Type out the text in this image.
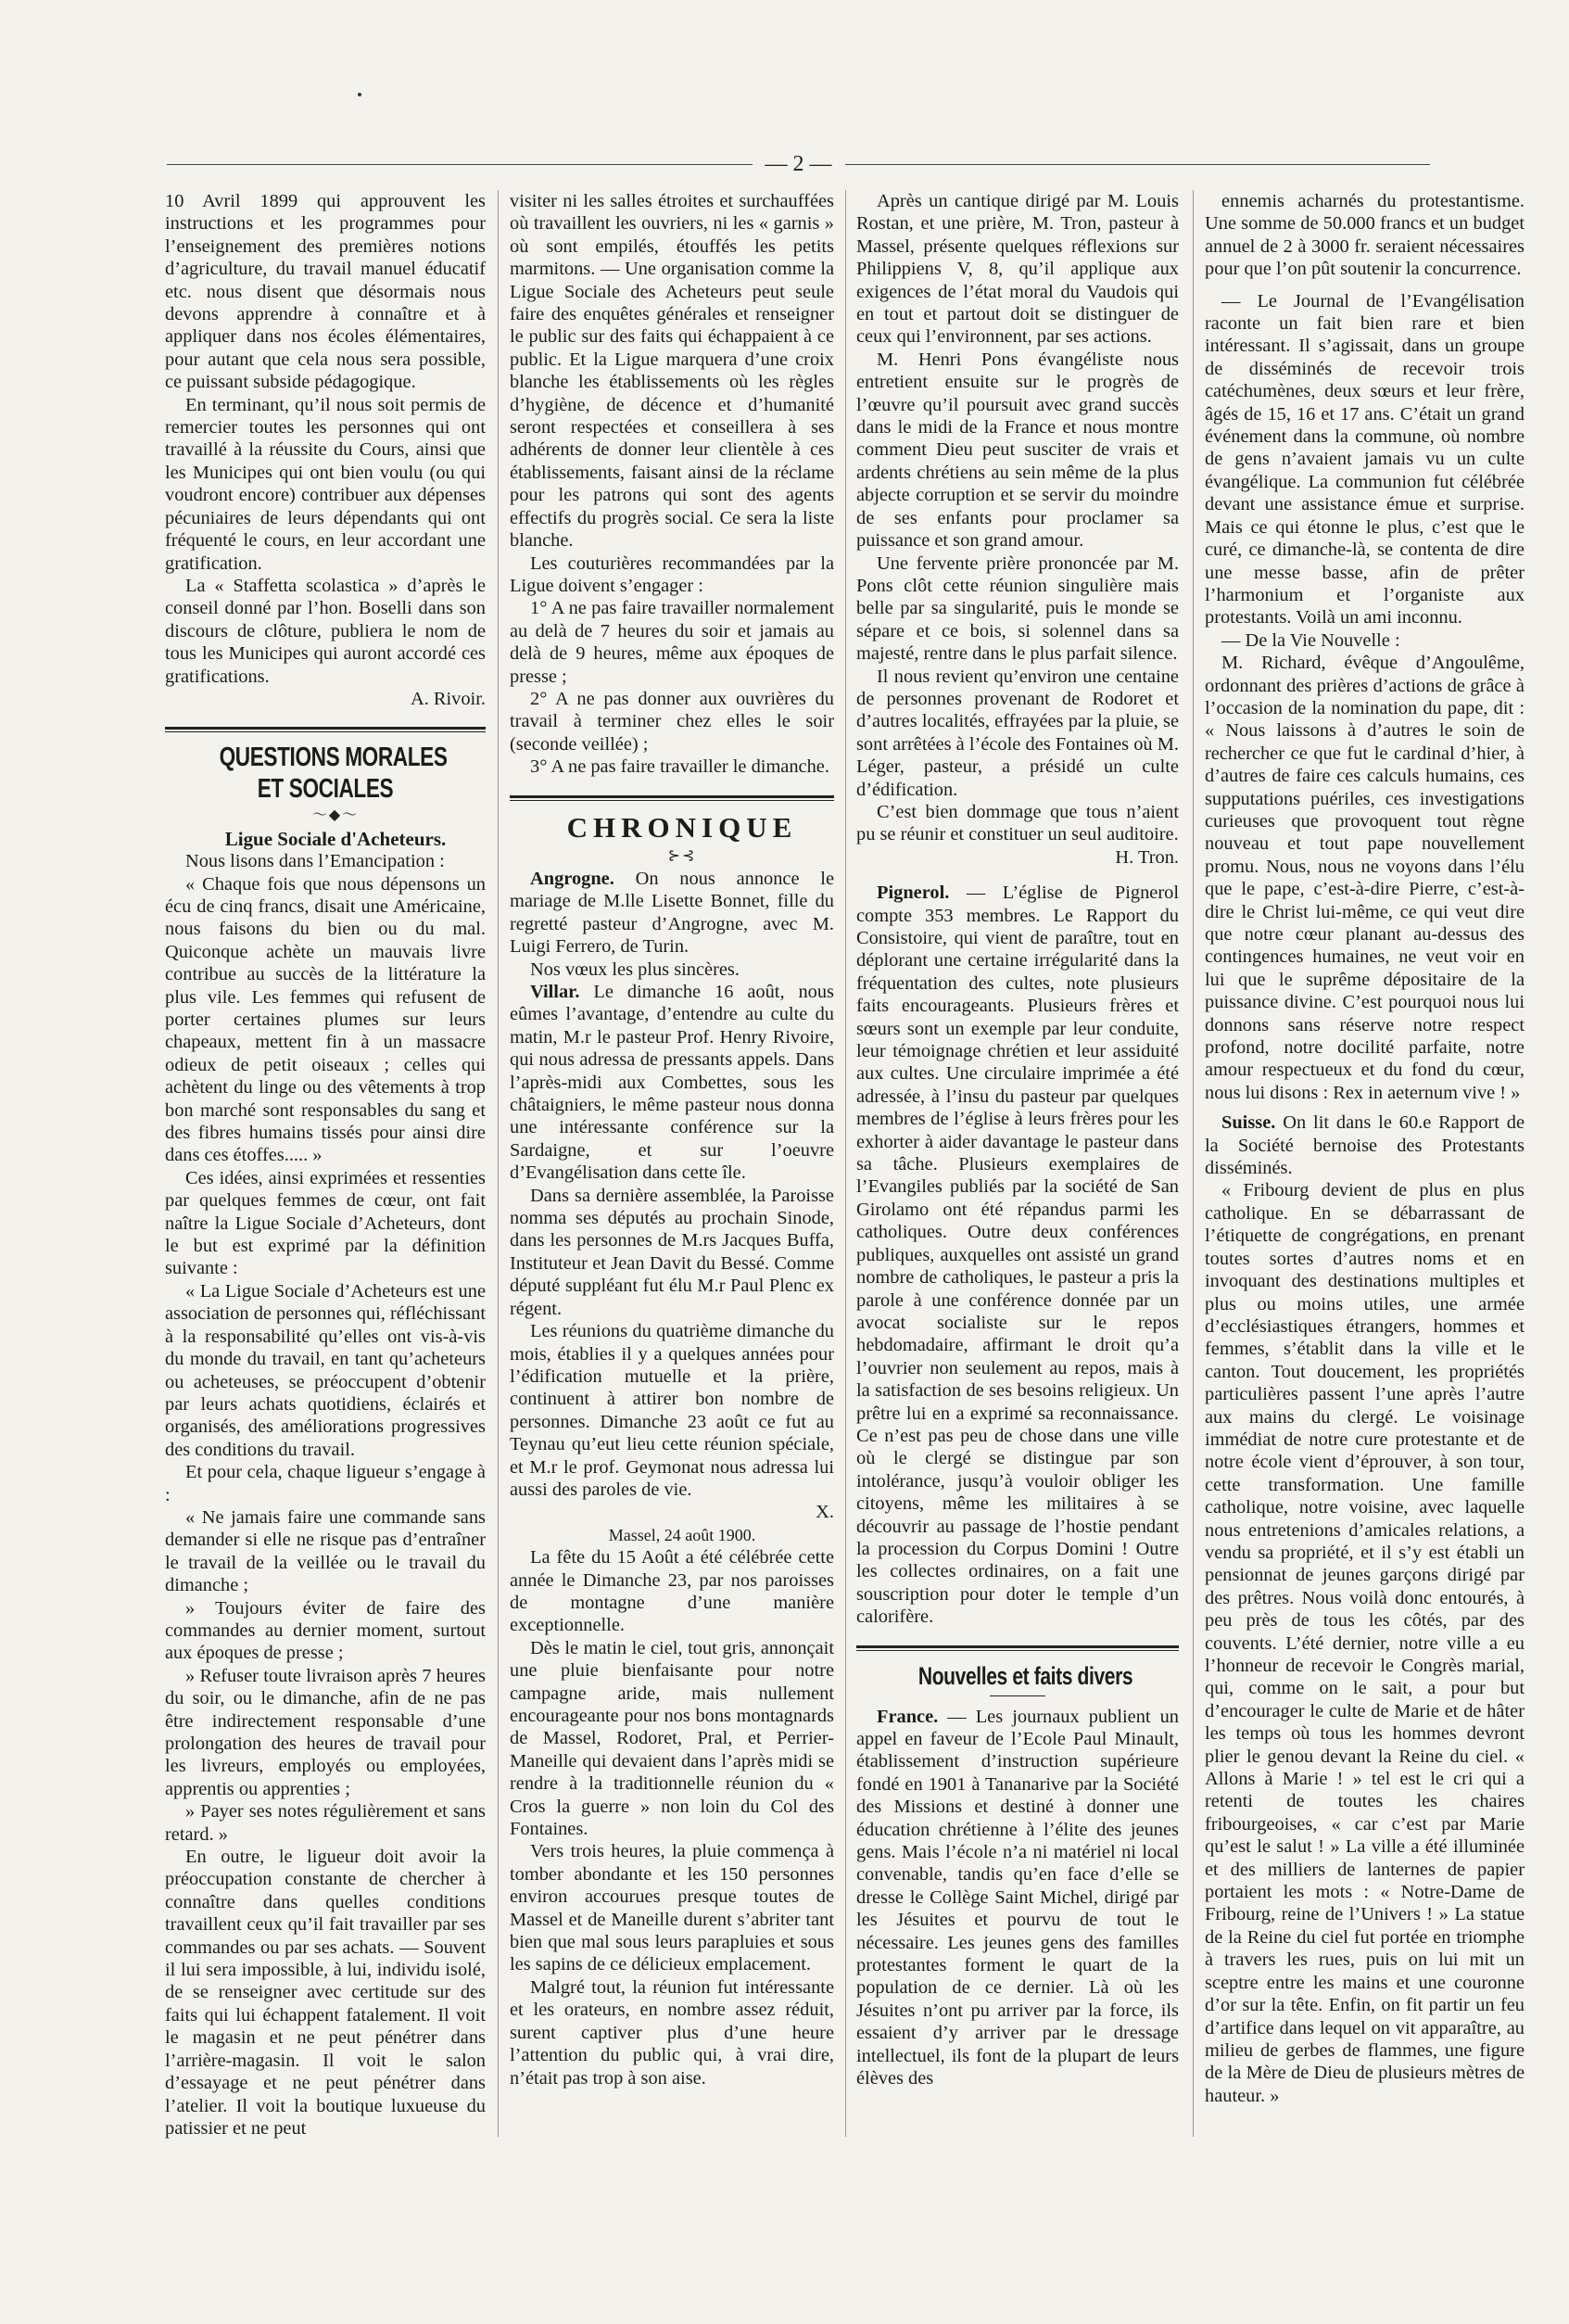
— 2 —

10 Avril 1899 qui approuvent les instructions et les programmes pour l’enseignement des premières notions d’agriculture, du travail manuel éducatif etc. nous disent que désormais nous devons apprendre à connaître et à appliquer dans nos écoles élémentaires, pour autant que cela nous sera possible, ce puissant subside pédagogique.

En terminant, qu’il nous soit permis de remercier toutes les personnes qui ont travaillé à la réussite du Cours, ainsi que les Municipes qui ont bien voulu (ou qui voudront encore) contribuer aux dépenses pécuniaires de leurs dépendants qui ont fréquenté le cours, en leur accordant une gratification.

La « Staffetta scolastica » d’après le conseil donné par l’hon. Boselli dans son discours de clôture, publiera le nom de tous les Municipes qui auront accordé ces gratifications.

A. Rivoir.

QUESTIONS MORALES ET SOCIALES

～◆～

Ligue Sociale d'Acheteurs.

Nous lisons dans l’Emancipation :

« Chaque fois que nous dépensons un écu de cinq francs, disait une Américaine, nous faisons du bien ou du mal. Quiconque achète un mauvais livre contribue au succès de la littérature la plus vile. Les femmes qui refusent de porter certaines plumes sur leurs chapeaux, mettent fin à un massacre odieux de petit oiseaux ; celles qui achètent du linge ou des vêtements à trop bon marché sont responsables du sang et des fibres humains tissés pour ainsi dire dans ces étoffes..... »

Ces idées, ainsi exprimées et ressenties par quelques femmes de cœur, ont fait naître la Ligue Sociale d’Acheteurs, dont le but est exprimé par la définition suivante :

« La Ligue Sociale d’Acheteurs est une association de personnes qui, réfléchissant à la responsabilité qu’elles ont vis-à-vis du monde du travail, en tant qu’acheteurs ou acheteuses, se préoccupent d’obtenir par leurs achats quotidiens, éclairés et organisés, des améliorations progressives des conditions du travail.

Et pour cela, chaque ligueur s’engage à :

« Ne jamais faire une commande sans demander si elle ne risque pas d’entraîner le travail de la veillée ou le travail du dimanche ;

» Toujours éviter de faire des commandes au dernier moment, surtout aux époques de presse ;

» Refuser toute livraison après 7 heures du soir, ou le dimanche, afin de ne pas être indirectement responsable d’une prolongation des heures de travail pour les livreurs, employés ou employées, apprentis ou apprenties ;

» Payer ses notes régulièrement et sans retard. »

En outre, le ligueur doit avoir la préoccupation constante de chercher à connaître dans quelles conditions travaillent ceux qu’il fait travailler par ses commandes ou par ses achats. — Souvent il lui sera impossible, à lui, individu isolé, de se renseigner avec certitude sur des faits qui lui échappent fatalement. Il voit le magasin et ne peut pénétrer dans l’arrière-magasin. Il voit le salon d’essayage et ne peut pénétrer dans l’atelier. Il voit la boutique luxueuse du patissier et ne peut

visiter ni les salles étroites et surchauffées où travaillent les ouvriers, ni les « garnis » où sont empilés, étouffés les petits marmitons. — Une organisation comme la Ligue Sociale des Acheteurs peut seule faire des enquêtes générales et renseigner le public sur des faits qui échappaient à ce public. Et la Ligue marquera d’une croix blanche les établissements où les règles d’hygiène, de décence et d’humanité seront respectées et conseillera à ses adhérents de donner leur clientèle à ces établissements, faisant ainsi de la réclame pour les patrons qui sont des agents effectifs du progrès social. Ce sera la liste blanche.

Les couturières recommandées par la Ligue doivent s’engager :

1° A ne pas faire travailler normalement au delà de 7 heures du soir et jamais au delà de 9 heures, même aux époques de presse ;

2° A ne pas donner aux ouvrières du travail à terminer chez elles le soir (seconde veillée) ;

3° A ne pas faire travailler le dimanche.

CHRONIQUE

⊱⊰

Angrogne. On nous annonce le mariage de M.lle Lisette Bonnet, fille du regretté pasteur d’Angrogne, avec M. Luigi Ferrero, de Turin.

Nos vœux les plus sincères.

Villar. Le dimanche 16 août, nous eûmes l’avantage, d’entendre au culte du matin, M.r le pasteur Prof. Henry Rivoire, qui nous adressa de pressants appels. Dans l’après-midi aux Combettes, sous les châtaigniers, le même pasteur nous donna une intéressante conférence sur la Sardaigne, et sur l’oeuvre d’Evangélisation dans cette île.

Dans sa dernière assemblée, la Paroisse nomma ses députés au prochain Sinode, dans les personnes de M.rs Jacques Buffa, Instituteur et Jean Davit du Bessé. Comme député suppléant fut élu M.r Paul Plenc ex régent.

Les réunions du quatrième dimanche du mois, établies il y a quelques années pour l’édification mutuelle et la prière, continuent à attirer bon nombre de personnes. Dimanche 23 août ce fut au Teynau qu’eut lieu cette réunion spéciale, et M.r le prof. Geymonat nous adressa lui aussi des paroles de vie.

X.

Massel, 24 août 1900.

La fête du 15 Août a été célébrée cette année le Dimanche 23, par nos paroisses de montagne d’une manière exceptionnelle.

Dès le matin le ciel, tout gris, annonçait une pluie bienfaisante pour notre campagne aride, mais nullement encourageante pour nos bons montagnards de Massel, Rodoret, Pral, et Perrier-Maneille qui devaient dans l’après midi se rendre à la traditionnelle réunion du « Cros la guerre » non loin du Col des Fontaines.

Vers trois heures, la pluie commença à tomber abondante et les 150 personnes environ accourues presque toutes de Massel et de Maneille durent s’abriter tant bien que mal sous leurs parapluies et sous les sapins de ce délicieux emplacement.

Malgré tout, la réunion fut intéressante et les orateurs, en nombre assez réduit, surent captiver plus d’une heure l’attention du public qui, à vrai dire, n’était pas trop à son aise.

Après un cantique dirigé par M. Louis Rostan, et une prière, M. Tron, pasteur à Massel, présente quelques réflexions sur Philippiens V, 8, qu’il applique aux exigences de l’état moral du Vaudois qui en tout et partout doit se distinguer de ceux qui l’environnent, par ses actions.

M. Henri Pons évangéliste nous entretient ensuite sur le progrès de l’œuvre qu’il poursuit avec grand succès dans le midi de la France et nous montre comment Dieu peut susciter de vrais et ardents chrétiens au sein même de la plus abjecte corruption et se servir du moindre de ses enfants pour proclamer sa puissance et son grand amour.

Une fervente prière prononcée par M. Pons clôt cette réunion singulière mais belle par sa singularité, puis le monde se sépare et ce bois, si solennel dans sa majesté, rentre dans le plus parfait silence.

Il nous revient qu’environ une centaine de personnes provenant de Rodoret et d’autres localités, effrayées par la pluie, se sont arrêtées à l’école des Fontaines où M. Léger, pasteur, a présidé un culte d’édification.

C’est bien dommage que tous n’aient pu se réunir et constituer un seul auditoire.

H. Tron.

Pignerol. — L’église de Pignerol compte 353 membres. Le Rapport du Consistoire, qui vient de paraître, tout en déplorant une certaine irrégularité dans la fréquentation des cultes, note plusieurs faits encourageants. Plusieurs frères et sœurs sont un exemple par leur conduite, leur témoignage chrétien et leur assiduité aux cultes. Une circulaire imprimée a été adressée, à l’insu du pasteur par quelques membres de l’église à leurs frères pour les exhorter à aider davantage le pasteur dans sa tâche. Plusieurs exemplaires de l’Evangiles publiés par la société de San Girolamo ont été répandus parmi les catholiques. Outre deux conférences publiques, auxquelles ont assisté un grand nombre de catholiques, le pasteur a pris la parole à une conférence donnée par un avocat socialiste sur le repos hebdomadaire, affirmant le droit qu’a l’ouvrier non seulement au repos, mais à la satisfaction de ses besoins religieux. Un prêtre lui en a exprimé sa reconnaissance. Ce n’est pas peu de chose dans une ville où le clergé se distingue par son intolérance, jusqu’à vouloir obliger les citoyens, même les militaires à se découvrir au passage de l’hostie pendant la procession du Corpus Domini ! Outre les collectes ordinaires, on a fait une souscription pour doter le temple d’un calorifère.

Nouvelles et faits divers

France. — Les journaux publient un appel en faveur de l’Ecole Paul Minault, établissement d’instruction supérieure fondé en 1901 à Tananarive par la Société des Missions et destiné à donner une éducation chrétienne à l’élite des jeunes gens. Mais l’école n’a ni matériel ni local convenable, tandis qu’en face d’elle se dresse le Collège Saint Michel, dirigé par les Jésuites et pourvu de tout le nécessaire. Les jeunes gens des familles protestantes forment le quart de la population de ce dernier. Là où les Jésuites n’ont pu arriver par la force, ils essaient d’y arriver par le dressage intellectuel, ils font de la plupart de leurs élèves des

ennemis acharnés du protestantisme. Une somme de 50.000 francs et un budget annuel de 2 à 3000 fr. seraient nécessaires pour que l’on pût soutenir la concurrence.

— Le Journal de l’Evangélisation raconte un fait bien rare et bien intéressant. Il s’agissait, dans un groupe de disséminés de recevoir trois catéchumènes, deux sœurs et leur frère, âgés de 15, 16 et 17 ans. C’était un grand événement dans la commune, où nombre de gens n’avaient jamais vu un culte évangélique. La communion fut célébrée devant une assistance émue et surprise. Mais ce qui étonne le plus, c’est que le curé, ce dimanche-là, se contenta de dire une messe basse, afin de prêter l’harmonium et l’organiste aux protestants. Voilà un ami inconnu.

— De la Vie Nouvelle :

M. Richard, évêque d’Angoulême, ordonnant des prières d’actions de grâce à l’occasion de la nomination du pape, dit : « Nous laissons à d’autres le soin de rechercher ce que fut le cardinal d’hier, à d’autres de faire ces calculs humains, ces supputations puériles, ces investigations curieuses que provoquent tout règne nouveau et tout pape nouvellement promu. Nous, nous ne voyons dans l’élu que le pape, c’est-à-dire Pierre, c’est-à-dire le Christ lui-même, ce qui veut dire que notre cœur planant au-dessus des contingences humaines, ne veut voir en lui que le suprême dépositaire de la puissance divine. C’est pourquoi nous lui donnons sans réserve notre respect profond, notre docilité parfaite, notre amour respectueux et du fond du cœur, nous lui disons : Rex in aeternum vive ! »

Suisse. On lit dans le 60.e Rapport de la Société bernoise des Protestants disséminés.

« Fribourg devient de plus en plus catholique. En se débarrassant de l’étiquette de congrégations, en prenant toutes sortes d’autres noms et en invoquant des destinations multiples et plus ou moins utiles, une armée d’ecclésiastiques étrangers, hommes et femmes, s’établit dans la ville et le canton. Tout doucement, les propriétés particulières passent l’une après l’autre aux mains du clergé. Le voisinage immédiat de notre cure protestante et de notre école vient d’éprouver, à son tour, cette transformation. Une famille catholique, notre voisine, avec laquelle nous entretenions d’amicales relations, a vendu sa propriété, et il s’y est établi un pensionnat de jeunes garçons dirigé par des prêtres. Nous voilà donc entourés, à peu près de tous les côtés, par des couvents. L’été dernier, notre ville a eu l’honneur de recevoir le Congrès marial, qui, comme on le sait, a pour but d’encourager le culte de Marie et de hâter les temps où tous les hommes devront plier le genou devant la Reine du ciel. « Allons à Marie ! » tel est le cri qui a retenti de toutes les chaires fribourgeoises, « car c’est par Marie qu’est le salut ! » La ville a été illuminée et des milliers de lanternes de papier portaient les mots : « Notre-Dame de Fribourg, reine de l’Univers ! » La statue de la Reine du ciel fut portée en triomphe à travers les rues, puis on lui mit un sceptre entre les mains et une couronne d’or sur la tête. Enfin, on fit partir un feu d’artifice dans lequel on vit apparaître, au milieu de gerbes de flammes, une figure de la Mère de Dieu de plusieurs mètres de hauteur. »
